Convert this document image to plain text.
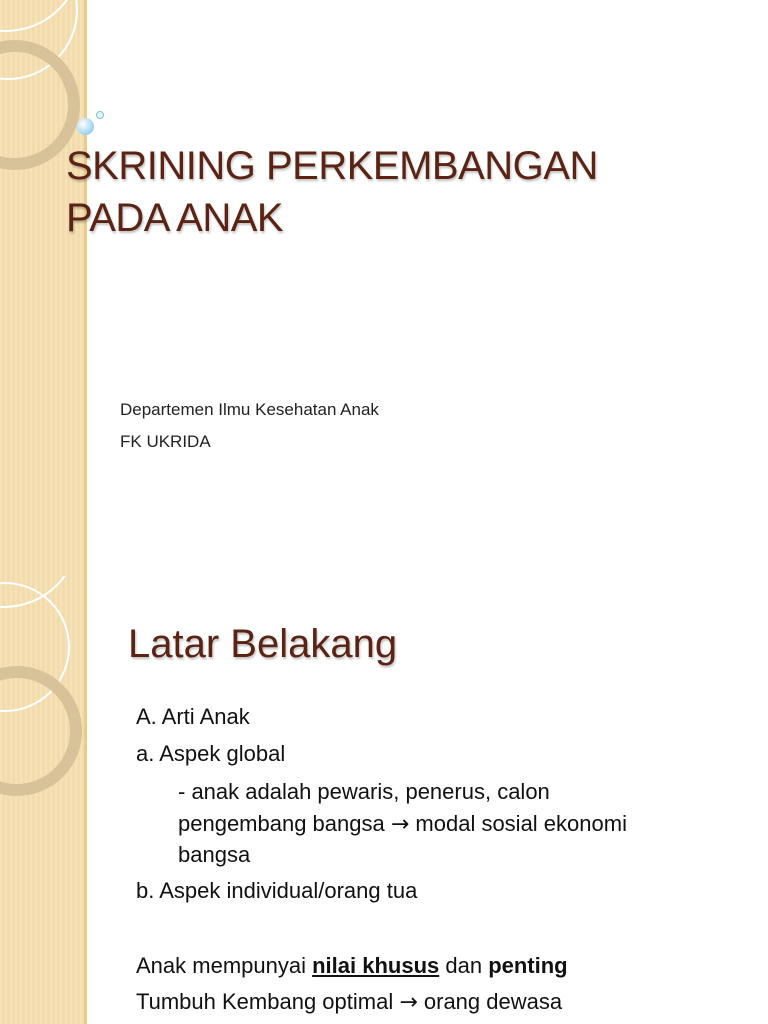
SKRINING PERKEMBANGAN
PADA ANAK

Departemen Ilmu Kesehatan Anak

FK UKRIDA

Latar Belakang

A. Arti Anak

a. Aspek global

- anak adalah pewaris, penerus, calon

pengembang bangsa → modal sosial ekonomi

bangsa

b. Aspek individual/orang tua

Anak mempunyai nilai khusus dan penting

Tumbuh Kembang optimal → orang dewasa
